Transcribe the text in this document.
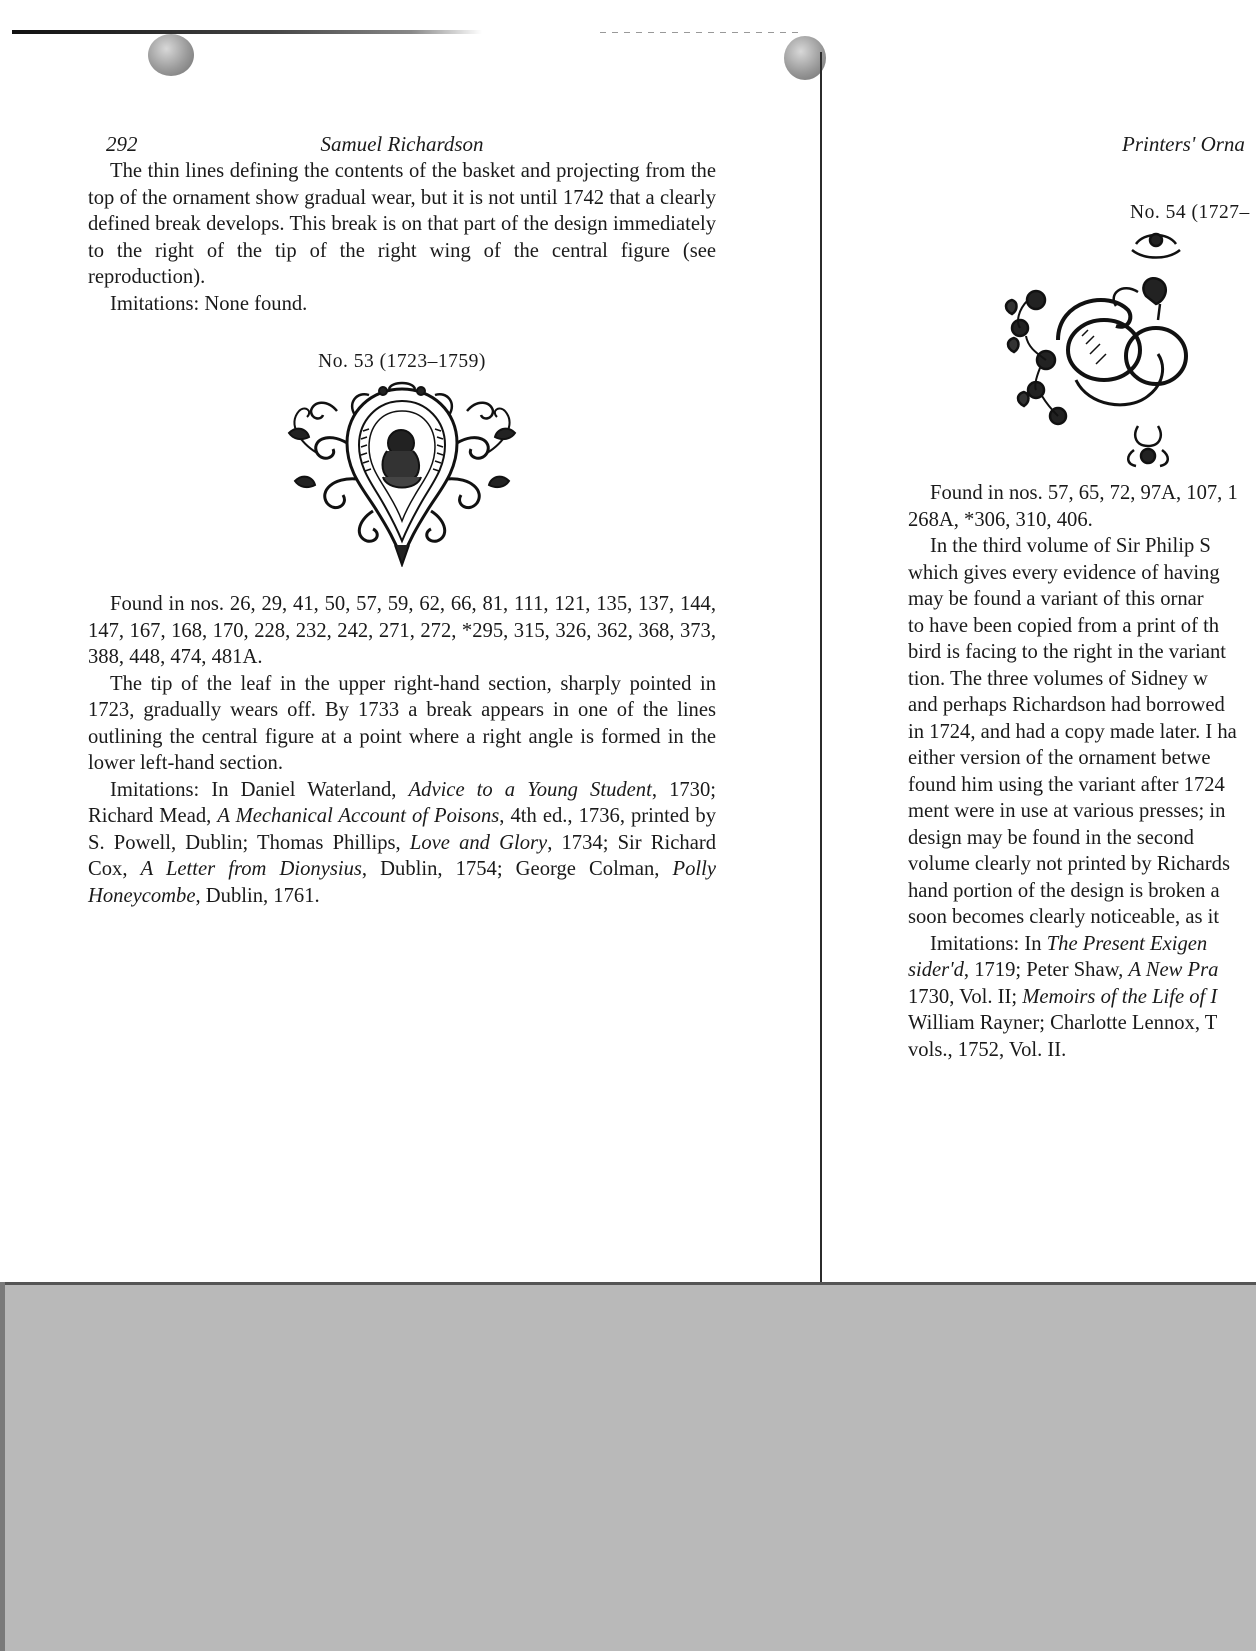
292	Samuel Richardson

The thin lines defining the contents of the basket and projecting from the top of the ornament show gradual wear, but it is not until 1742 that a clearly defined break develops. This break is on that part of the design immediately to the right of the tip of the right wing of the central figure (see reproduction).

Imitations: None found.

No. 53 (1723–1759)

Found in nos. 26, 29, 41, 50, 57, 59, 62, 66, 81, 111, 121, 135, 137, 144, 147, 167, 168, 170, 228, 232, 242, 271, 272, *295, 315, 326, 362, 368, 373, 388, 448, 474, 481A.

The tip of the leaf in the upper right-hand section, sharply pointed in 1723, gradually wears off. By 1733 a break appears in one of the lines outlining the central figure at a point where a right angle is formed in the lower left-hand section.

Imitations: In Daniel Waterland, Advice to a Young Student, 1730; Richard Mead, A Mechanical Account of Poisons, 4th ed., 1736, printed by S. Powell, Dublin; Thomas Phillips, Love and Glory, 1734; Sir Richard Cox, A Letter from Dionysius, Dublin, 1754; George Colman, Polly Honeycombe, Dublin, 1761.

Printers' Orna
No. 54 (1727–

Found in nos. 57, 65, 72, 97A, 107, 1

268A, *306, 310, 406.

In the third volume of Sir Philip S

which gives every evidence of having

may be found a variant of this ornar

to have been copied from a print of th

bird is facing to the right in the variant

tion. The three volumes of Sidney w

and perhaps Richardson had borrowed

in 1724, and had a copy made later. I ha

either version of the ornament betwe

found him using the variant after 1724

ment were in use at various presses; in

design may be found in the second

volume clearly not printed by Richards

hand portion of the design is broken a

soon becomes clearly noticeable, as it

Imitations: In The Present Exigen

sider'd, 1719; Peter Shaw, A New Pra

1730, Vol. II; Memoirs of the Life of I

William Rayner; Charlotte Lennox, T

vols., 1752, Vol. II.
